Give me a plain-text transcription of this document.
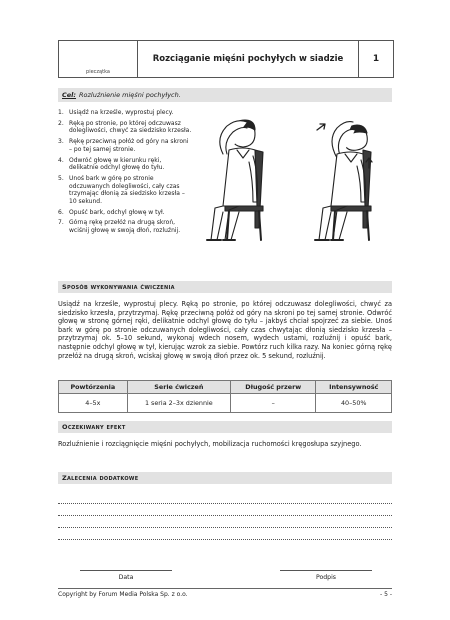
pieczątka
Rozciąganie mięśni pochyłych w siadzie	1
Cel: Rozluźnienie mięśni pochyłych.
1. Usiądź na krześle, wyprostuj plecy.
2. Ręką po stronie, po której odczuwasz dolegliwości, chwyć za siedzisko krzesła.
3. Rękę przeciwną połóż od góry na skroni – po tej samej stronie.
4. Odwróć głowę w kierunku ręki, delikatnie odchyl głowę do tyłu.
5. Unoś bark w górę po stronie odczuwanych dolegliwości, cały czas trzymając dłonią za siedzisko krzesła – 10 sekund.
6. Opuść bark, odchyl głowę w tył.
7. Górną rękę przełóż na drugą skroń, wciśnij głowę w swoją dłoń, rozluźnij.
Sposób wykonywania ćwiczenia

Usiądź na krześle, wyprostuj plecy. Ręką po stronie, po której odczuwasz dolegliwości, chwyć za siedzisko krzesła, przytrzymaj. Rękę przeciwną połóż od góry na skroni po tej samej stronie. Odwróć głowę w stronę górnej ręki, delikatnie odchyl głowę do tyłu – jakbyś chciał spojrzeć za siebie. Unoś bark w górę po stronie odczuwanych dolegliwości, cały czas chwytając dłonią siedzisko krzesła – przytrzymaj ok. 5–10 sekund, wykonaj wdech nosem, wydech ustami, rozluźnij i opuść bark, następnie odchyl głowę w tył, kierując wzrok za siebie. Powtórz ruch kilka razy. Na koniec górną rękę przełóż na drugą skroń, wciskaj głowę w swoją dłoń przez ok. 5 sekund, rozluźnij.

Powtórzenia	Serie ćwiczeń	Długość przerw	Intensywność
4–5x	1 seria 2–3x dziennie	–	40–50%
Oczekiwany efekt

Rozluźnienie i rozciągnięcie mięśni pochyłych, mobilizacja ruchomości kręgosłupa szyjnego.

Zalecenia dodatkowe
Data	Podpis
Copyright by Forum Media Polska Sp. z o.o.	- 5 -
